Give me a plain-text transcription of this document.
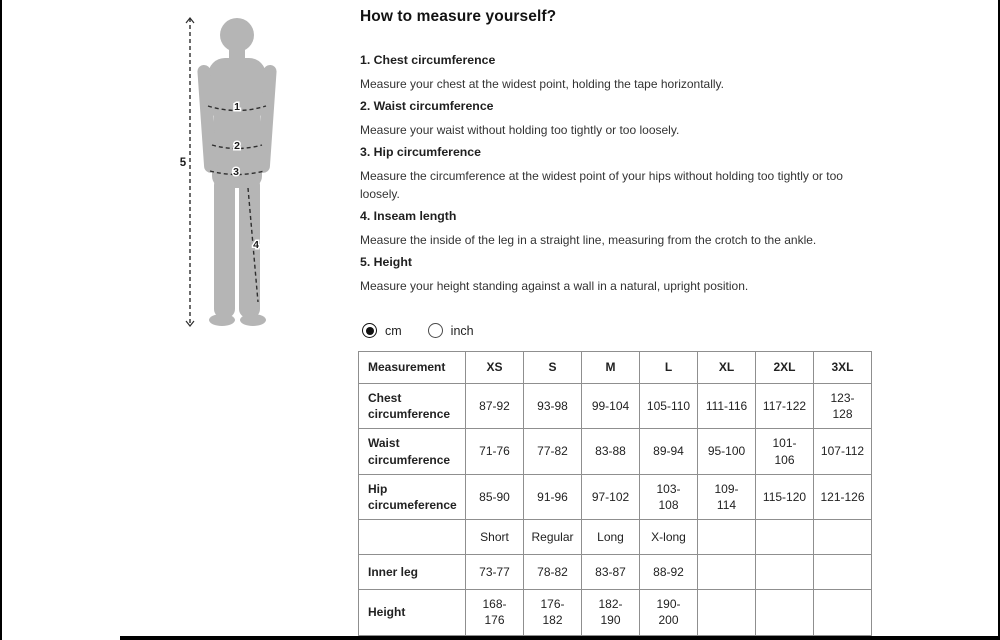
1
2
3
4
5
How to measure yourself?
1. Chest circumference

Measure your chest at the widest point, holding the tape horizontally.

2. Waist circumference

Measure your waist without holding too tightly or too loosely.

3. Hip circumference

Measure the circumference at the widest point of your hips without holding too tightly or too loosely.

4. Inseam length

Measure the inside of the leg in a straight line, measuring from the crotch to the ankle.

5. Height

Measure your height standing against a wall in a natural, upright position.

cm	inch
Measurement	XS	S	M	L	XL	2XL	3XL
Chest circumference	87-92	93-98	99-104	105-110	111-116	117-122	123-128

Waist circumference	71-76	77-82	83-88	89-94	95-100	101-106	107-112
Hip circumeference	85-90	91-96	97-102	103-108	109-114	115-120	121-126
	Short	Regular	Long	X-long			
Inner leg	73-77	78-82	83-87	88-92			
Height	168-176	176-182	182-190	190-200			
